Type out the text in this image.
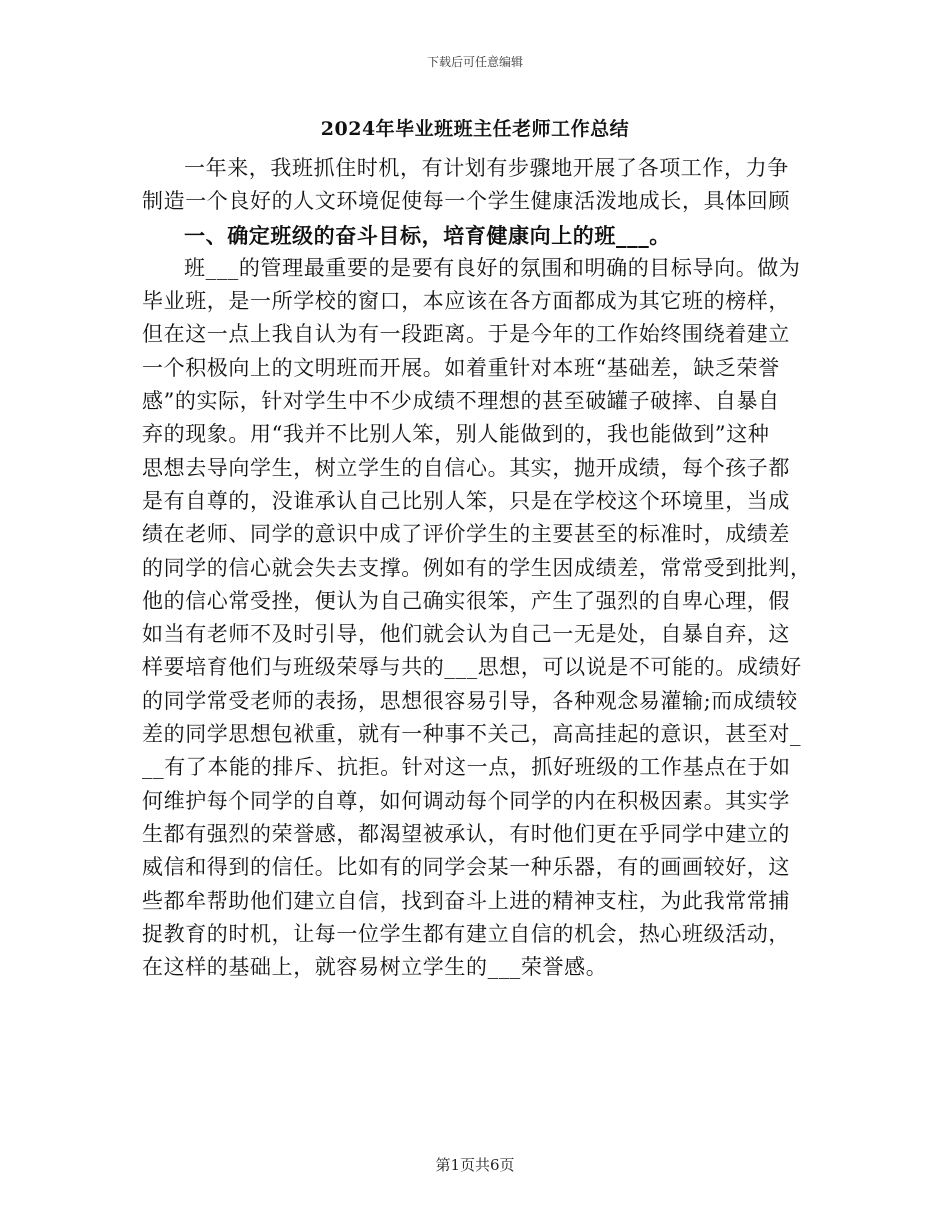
下载后可任意编辑
2024年毕业班班主任老师工作总结
一年来，我班抓住时机，有计划有步骤地开展了各项工作，力争
制造一个良好的人文环境促使每一个学生健康活泼地成长，具体回顾
一、确定班级的奋斗目标，培育健康向上的班___。
班___的管理最重要的是要有良好的氛围和明确的目标导向。做为
毕业班，是一所学校的窗口，本应该在各方面都成为其它班的榜样，
但在这一点上我自认为有一段距离。于是今年的工作始终围绕着建立
一个积极向上的文明班而开展。如着重针对本班“基础差，缺乏荣誉
感”的实际，针对学生中不少成绩不理想的甚至破罐子破摔、自暴自
弃的现象。用“我并不比别人笨，别人能做到的，我也能做到”这种
思想去导向学生，树立学生的自信心。其实，抛开成绩，每个孩子都
是有自尊的，没谁承认自己比别人笨，只是在学校这个环境里，当成
绩在老师、同学的意识中成了评价学生的主要甚至的标准时，成绩差
的同学的信心就会失去支撑。例如有的学生因成绩差，常常受到批判，
他的信心常受挫，便认为自己确实很笨，产生了强烈的自卑心理，假
如当有老师不及时引导，他们就会认为自己一无是处，自暴自弃，这
样要培育他们与班级荣辱与共的___思想，可以说是不可能的。成绩好
的同学常受老师的表扬，思想很容易引导，各种观念易灌输;而成绩较
差的同学思想包袱重，就有一种事不关己，高高挂起的意识，甚至对_
__有了本能的排斥、抗拒。针对这一点，抓好班级的工作基点在于如
何维护每个同学的自尊，如何调动每个同学的内在积极因素。其实学
生都有强烈的荣誉感，都渴望被承认，有时他们更在乎同学中建立的
威信和得到的信任。比如有的同学会某一种乐器，有的画画较好，这
些都牟帮助他们建立自信，找到奋斗上进的精神支柱，为此我常常捕
捉教育的时机，让每一位学生都有建立自信的机会，热心班级活动，
在这样的基础上，就容易树立学生的___荣誉感。
第1页共6页
